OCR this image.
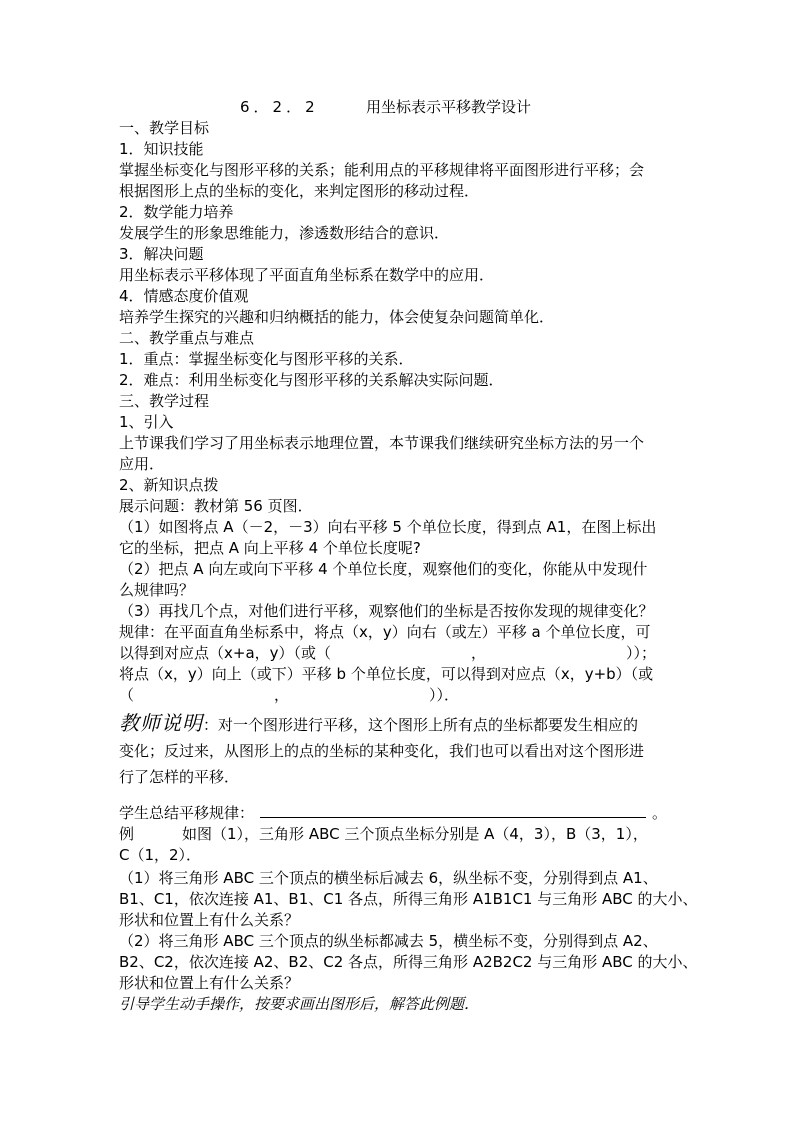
6．2．2	用坐标表示平移教学设计
一、教学目标
1．知识技能
掌握坐标变化与图形平移的关系；能利用点的平移规律将平面图形进行平移；会
根据图形上点的坐标的变化，来判定图形的移动过程．
2．数学能力培养
发展学生的形象思维能力，渗透数形结合的意识．
3．解决问题
用坐标表示平移体现了平面直角坐标系在数学中的应用．
4．情感态度价值观
培养学生探究的兴趣和归纳概括的能力，体会使复杂问题简单化．
二、教学重点与难点
1．重点：掌握坐标变化与图形平移的关系．
2．难点：利用坐标变化与图形平移的关系解决实际问题．
三、教学过程
1、引入
上节课我们学习了用坐标表示地理位置，本节课我们继续研究坐标方法的另一个
应用．
2、新知识点拨
展示问题：教材第 56 页图．
（1）如图将点 A（－2，－3）向右平移 5 个单位长度，得到点 A1，在图上标出
它的坐标，把点 A 向上平移 4 个单位长度呢?
（2）把点 A 向左或向下平移 4 个单位长度，观察他们的变化，你能从中发现什
么规律吗？
（3）再找几个点，对他们进行平移，观察他们的坐标是否按你发现的规律变化？
规律：在平面直角坐标系中，将点（x，y）向右（或左）平移 a 个单位长度，可
以得到对应点（x+a，y）（或（	，	））；
将点（x，y）向上（或下）平移 b 个单位长度，可以得到对应点（x，y+b）（或
（	，	））．
教师说明：对一个图形进行平移，这个图形上所有点的坐标都要发生相应的
变化；反过来，从图形上的点的坐标的某种变化，我们也可以看出对这个图形进
行了怎样的平移．
学生总结平移规律：	。
例	如图（1），三角形 ABC 三个顶点坐标分别是 A（4，3），B（3，1），
C（1，2）．
（1）将三角形 ABC 三个顶点的横坐标后减去 6，纵坐标不变，分别得到点 A1、
B1、C1，依次连接 A1、B1、C1 各点，所得三角形 A1B1C1 与三角形 ABC 的大小、
形状和位置上有什么关系？
（2）将三角形 ABC 三个顶点的纵坐标都减去 5，横坐标不变，分别得到点 A2、
B2、C2，依次连接 A2、B2、C2 各点，所得三角形 A2B2C2 与三角形 ABC 的大小、
形状和位置上有什么关系？
引导学生动手操作，按要求画出图形后，解答此例题．
